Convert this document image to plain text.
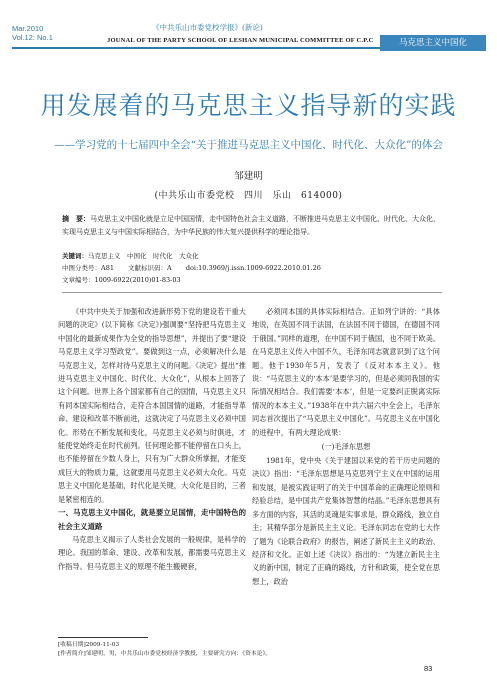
Mar.2010
Vol.12: No.1
《中共乐山市委党校学报》(新论)
JOUNAL OF THE PARTY SCHOOL OF LESHAN MUNICIPAL COMMITTEE OF C.P.C	马克思主义中国化
用发展着的马克思主义指导新的实践
——学习党的十七届四中全会“关于推进马克思主义中国化、时代化、大众化”的体会
邹建明
(中共乐山市委党校　四川　乐山　614000)
摘　要：马克思主义中国化就是立足中国国情，走中国特色社会主义道路，不断推进马克思主义中国化、时代化、大众化，实现马克思主义与中国实际相结合，为中华民族的伟大复兴提供科学的理论指导。
关键词：马克思主义　中国化　时代化　大众化
中图分类号：A81 文献标识码：A doi:10.3969/j.issn.1009-6922.2010.01.26
文章编号：1009-6922(2010)01-83-03

《中共中央关于加强和改进新形势下党的建设若干重大问题的决定》(以下简称《决定》)强调要“坚持把马克思主义中国化的最新成果作为全党的指导思想”，并提出了要“建设马克思主义学习型政党”。要做到这一点，必须解决什么是马克思主义，怎样对待马克思主义的问题。《决定》提出“推进马克思主义中国化、时代化、大众化”，从根本上回答了这个问题。世界上各个国家都有自己的国情，马克思主义只有同本国实际相结合，走符合本国国情的道路，才能指导革命、建设和改革不断前进，这就决定了马克思主义必须中国化。形势在不断发展和变化，马克思主义必须与时俱进，才能使党始终走在时代前列。任何理论都不能停留在口头上，也不能停留在少数人身上，只有为广大群众所掌握，才能变成巨大的物质力量，这就要用马克思主义必须大众化。马克思主义中国化是基础，时代化是关键，大众化是目的，三者是紧密相连的。

一、马克思主义中国化，就是要立足国情，走中国特色的社会主义道路

马克思主义揭示了人类社会发展的一般规律，是科学的理论。我国的革命、建设、改革和发展，都需要马克思主义作指导。但马克思主义的原理不能生搬硬套，

必须同本国的具体实际相结合。正如列宁讲的：“具体地说，在英国不同于法国，在法国不同于德国，在德国不同于俄国。”同样的道理，在中国不同于俄国，也不同于欧美。在马克思主义传入中国不久，毛泽东同志就意识到了这个问题。他于1930年5月，发表了《反对本本主义》。他说：“马克思主义的‘本本’是要学习的，但是必须同我国的实际情况相结合。我们需要‘本本’，但是一定要纠正脱离实际情况的本本主义。”1938年在中共六届六中全会上，毛泽东同志首次提出了“马克思主义中国化”。马克思主义在中国化的进程中，有两大理论成果：

(一)毛泽东思想

1981年，党中央《关于建国以来党的若干历史问题的决议》指出：“毛泽东思想是马克思列宁主义在中国的运用和发展，是被实践证明了的关于中国革命的正确理论原则和经验总结，是中国共产党集体智慧的结晶。”毛泽东思想具有多方面的内容，其活的灵魂是实事求是，群众路线，独立自主；其精华部分是新民主主义论。毛泽东同志在党的七大作了题为《论联合政府》的报告，阐述了新民主主义的政治、经济和文化。正如上述《决议》指出的：“为建立新民主主义的新中国，制定了正确的路线，方针和政策，使全党在思想上，政治

[收稿日期]2009-11-03
[作者简介]邹建明，男，中共乐山市委党校经济学教授，主要研究方向：《资本论》。
83
